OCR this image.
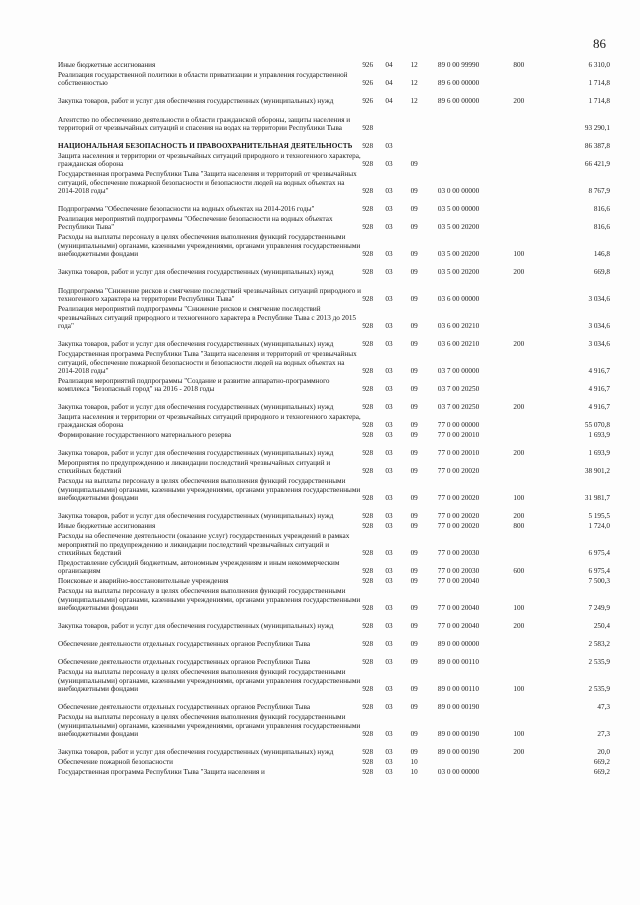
86
Иные бюджетные ассигнования	926	04	12	89 0 00 99990	800	6 310,0

Реализация государственной политики в области приватизации и управления государственной собственностью	926	04	12	89 6 00 00000		1 714,8

Закупка товаров, работ и услуг для обеспечения государственных (муниципальных) нужд	926	04	12	89 6 00 00000	200	1 714,8

Агентство по обеспечению деятельности в области гражданской обороны, защиты населения и территорий от чрезвычайных ситуаций и спасения на водах на территории Республики Тыва	928					93 290,1

НАЦИОНАЛЬНАЯ БЕЗОПАСНОСТЬ И ПРАВООХРАНИТЕЛЬНАЯ ДЕЯТЕЛЬНОСТЬ	928	03				86 387,8

Защита населения и территории от чрезвычайных ситуаций природного и техногенного характера, гражданская оборона	928	03	09			66 421,9

Государственная программа Республики Тыва "Защита населения и территорий от чрезвычайных ситуаций, обеспечение пожарной безопасности и безопасности людей на водных объектах на 2014-2018 годы"	928	03	09	03 0 00 00000		8 767,9

Подпрограмма "Обеспечение безопасности на водных объектах на 2014-2016 годы"	928	03	09	03 5 00 00000		816,6

Реализация мероприятий подпрограммы "Обеспечение безопасности на водных объектах Республики Тыва"	928	03	09	03 5 00 20200		816,6

Расходы на выплаты персоналу в целях обеспечения выполнения функций государственными (муниципальными) органами, казенными учреждениями, органами управления государственными внебюджетными фондами	928	03	09	03 5 00 20200	100	146,8

Закупка товаров, работ и услуг для обеспечения государственных (муниципальных) нужд	928	03	09	03 5 00 20200	200	669,8

Подпрограмма "Снижение рисков и смягчение последствий чрезвычайных ситуаций природного и техногенного характера на территории Республики Тыва"	928	03	09	03 6 00 00000		3 034,6

Реализация мероприятий подпрограммы "Снижение рисков и смягчение последствий чрезвычайных ситуаций природного и техногенного характера в Республике Тыва с 2013 до 2015 года"	928	03	09	03 6 00 20210		3 034,6

Закупка товаров, работ и услуг для обеспечения государственных (муниципальных) нужд	928	03	09	03 6 00 20210	200	3 034,6

Государственная программа Республики Тыва "Защита населения и территорий от чрезвычайных ситуаций, обеспечение пожарной безопасности и безопасности людей на водных объектах на 2014-2018 годы"	928	03	09	03 7 00 00000		4 916,7

Реализация мероприятий подпрограммы "Создание и развитие аппаратно-программного комплекса "Безопасный город" на 2016 - 2018 годы	928	03	09	03 7 00 20250		4 916,7

Закупка товаров, работ и услуг для обеспечения государственных (муниципальных) нужд	928	03	09	03 7 00 20250	200	4 916,7

Защита населения и территории от чрезвычайных ситуаций природного и техногенного характера, гражданская оборона	928	03	09	77 0 00 00000		55 070,8

Формирование государственного материального резерва	928	03	09	77 0 00 20010		1 693,9

Закупка товаров, работ и услуг для обеспечения государственных (муниципальных) нужд	928	03	09	77 0 00 20010	200	1 693,9

Мероприятия по предупреждению и ликвидации последствий чрезвычайных ситуаций и стихийных бедствий	928	03	09	77 0 00 20020		38 901,2

Расходы на выплаты персоналу в целях обеспечения выполнения функций государственными (муниципальными) органами, казенными учреждениями, органами управления государственными внебюджетными фондами	928	03	09	77 0 00 20020	100	31 981,7

Закупка товаров, работ и услуг для обеспечения государственных (муниципальных) нужд	928	03	09	77 0 00 20020	200	5 195,5

Иные бюджетные ассигнования	928	03	09	77 0 00 20020	800	1 724,0

Расходы на обеспечение деятельности (оказание услуг) государственных учреждений в рамках мероприятий по предупреждению и ликвидации последствий чрезвычайных ситуаций и стихийных бедствий	928	03	09	77 0 00 20030		6 975,4

Предоставление субсидий бюджетным, автономным учреждениям и иным некоммерческим организациям	928	03	09	77 0 00 20030	600	6 975,4

Поисковые и аварийно-восстановительные учреждения	928	03	09	77 0 00 20040		7 500,3

Расходы на выплаты персоналу в целях обеспечения выполнения функций государственными (муниципальными) органами, казенными учреждениями, органами управления государственными внебюджетными фондами	928	03	09	77 0 00 20040	100	7 249,9

Закупка товаров, работ и услуг для обеспечения государственных (муниципальных) нужд	928	03	09	77 0 00 20040	200	250,4

Обеспечение деятельности отдельных государственных органов Республики Тыва	928	03	09	89 0 00 00000		2 583,2

Обеспечение деятельности отдельных государственных органов Республики Тыва	928	03	09	89 0 00 00110		2 535,9

Расходы на выплаты персоналу в целях обеспечения выполнения функций государственными (муниципальными) органами, казенными учреждениями, органами управления государственными внебюджетными фондами	928	03	09	89 0 00 00110	100	2 535,9

Обеспечение деятельности отдельных государственных органов Республики Тыва	928	03	09	89 0 00 00190		47,3

Расходы на выплаты персоналу в целях обеспечения выполнения функций государственными (муниципальными) органами, казенными учреждениями, органами управления государственными внебюджетными фондами	928	03	09	89 0 00 00190	100	27,3

Закупка товаров, работ и услуг для обеспечения государственных (муниципальных) нужд	928	03	09	89 0 00 00190	200	20,0

Обеспечение пожарной безопасности	928	03	10			669,2

Государственная программа Республики Тыва "Защита населения и	928	03	10	03 0 00 00000		669,2
